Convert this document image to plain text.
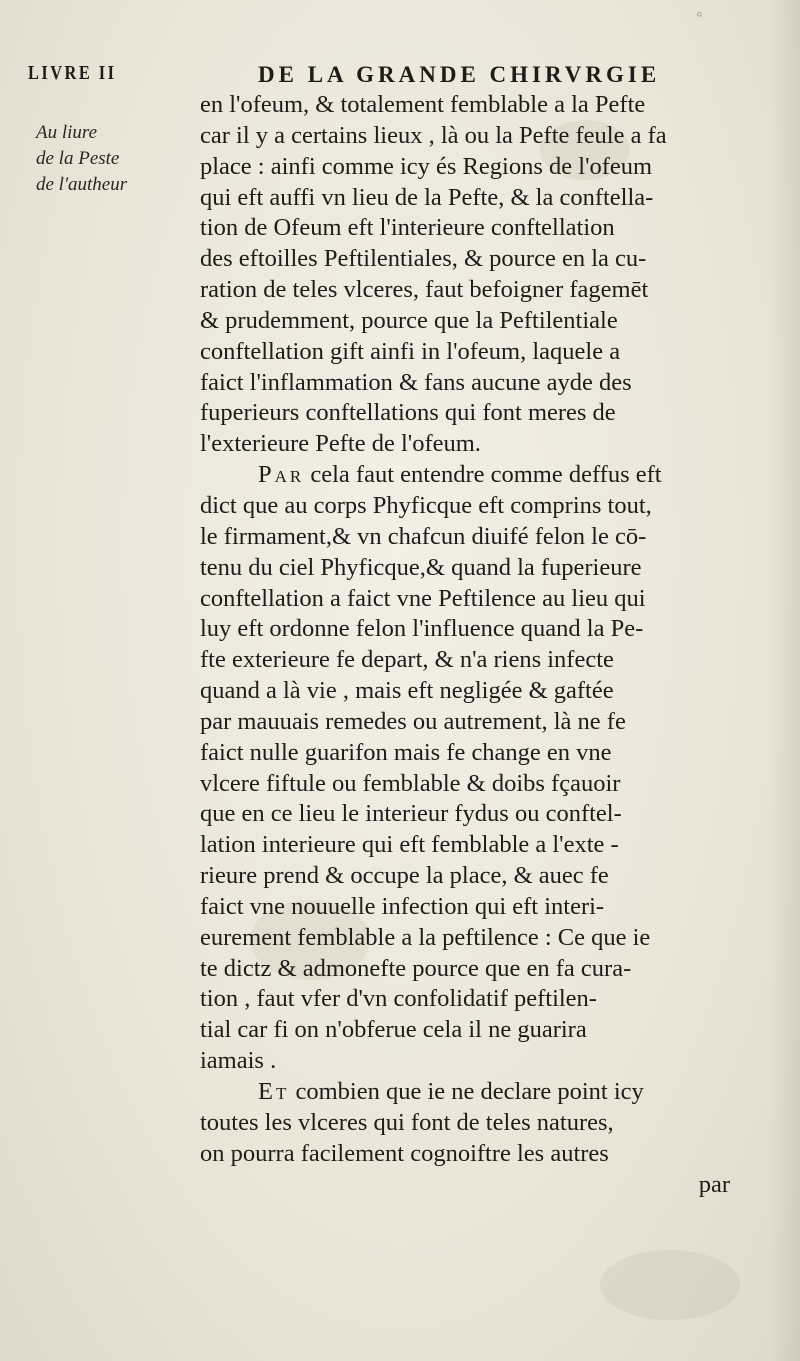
∘
LIVRE II	DE LA GRANDE CHIRVRGIE
Au liure
de la Peste
de l'autheur
en l'ofeum, & totalement femblable a la Pefte
car il y a certains lieux , là ou la Pefte feule a fa
place : ainfi comme icy és Regions de l'ofeum
qui eft auffi vn lieu de la Pefte, & la conftella-
tion de Ofeum eft l'interieure conftellation
des eftoilles Peftilentiales, & pource en la cu-
ration de teles vlceres, faut befoigner fagemēt
& prudemment, pource que la Peftilentiale
conftellation gift ainfi in l'ofeum, laquele a
faict l'inflammation & fans aucune ayde des
fuperieurs conftellations qui font meres de
l'exterieure Pefte de l'ofeum.
Par cela faut entendre comme deffus eft
dict que au corps Phyficque eft comprins tout,
le firmament,& vn chafcun diuifé felon le cō-
tenu du ciel Phyficque,& quand la fuperieure
conftellation a faict vne Peftilence au lieu qui
luy eft ordonne felon l'influence quand la Pe-
fte exterieure fe depart, & n'a riens infecte
quand a là vie , mais eft negligée & gaftée
par mauuais remedes ou autrement, là ne fe
faict nulle guarifon mais fe change en vne
vlcere fiftule ou femblable & doibs fçauoir
que en ce lieu le interieur fydus ou conftel-
lation interieure qui eft femblable a l'exte -
rieure prend & occupe la place, & auec fe
faict vne nouuelle infection qui eft interi-
eurement femblable a la peftilence : Ce que ie
te dictz & admonefte pource que en fa cura-
tion , faut vfer d'vn confolidatif peftilen-
tial car fi on n'obferue cela il ne guarira
iamais .
Et combien que ie ne declare point icy
toutes les vlceres qui font de teles natures,
on pourra facilement cognoiftre les autres
par
